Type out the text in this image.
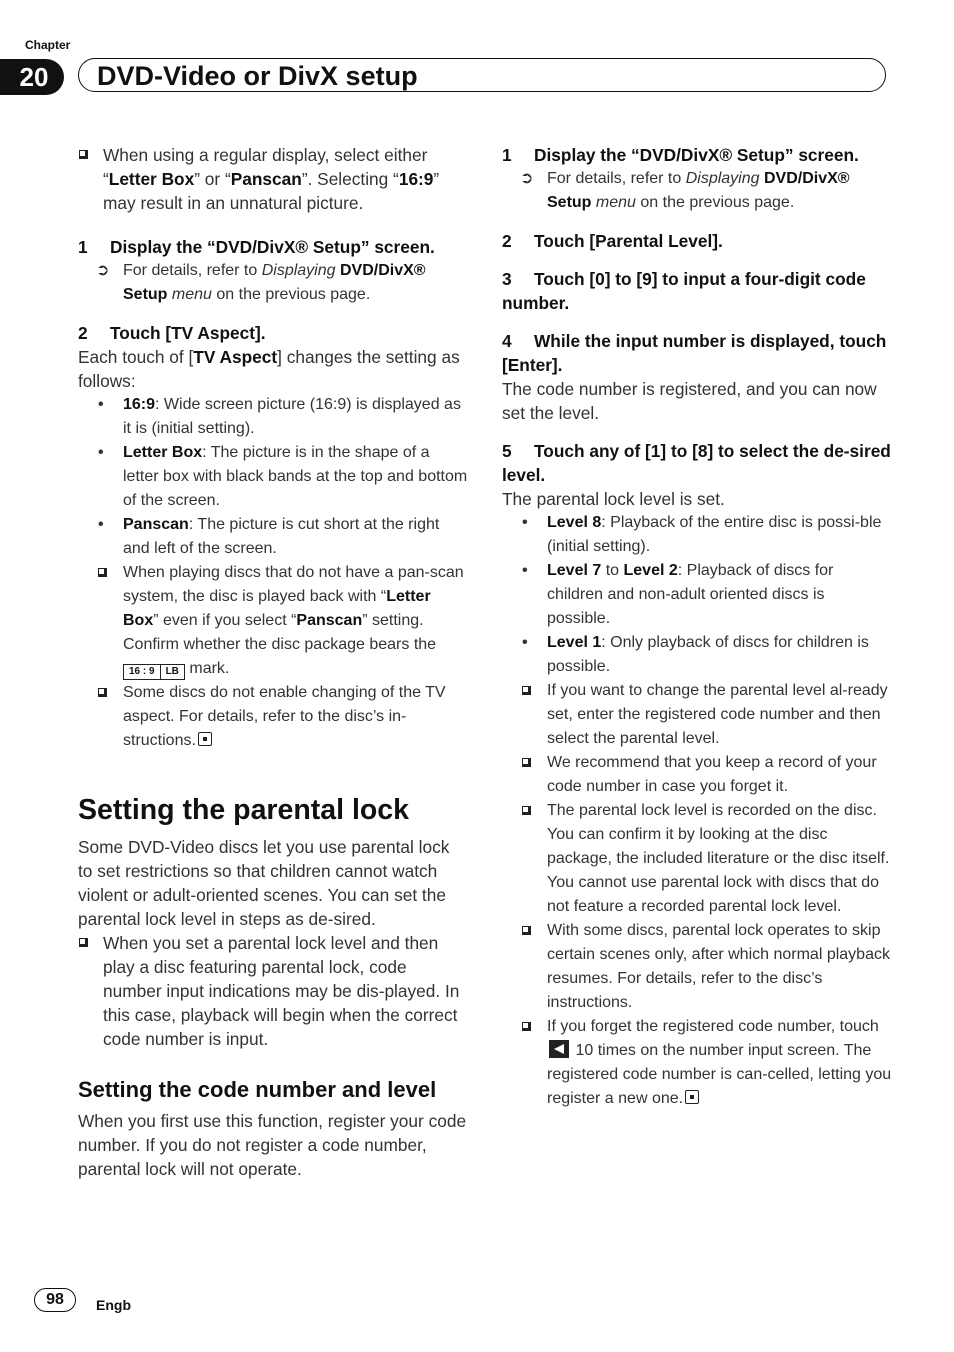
Chapter
20	DVD-Video or DivX setup

When using a regular display, select either “Letter Box” or “Panscan”. Selecting “16:9” may result in an unnatural picture.

1 Display the “DVD/DivX® Setup” screen.

➲ For details, refer to Displaying DVD/DivX® Setup menu on the previous page.

2 Touch [TV Aspect].

Each touch of [TV Aspect] changes the setting as follows:

• 16:9: Wide screen picture (16:9) is displayed as it is (initial setting).

• Letter Box: The picture is in the shape of a letter box with black bands at the top and bottom of the screen.

• Panscan: The picture is cut short at the right and left of the screen.

When playing discs that do not have a pan-scan system, the disc is played back with “Letter Box” even if you select “Panscan” setting. Confirm whether the disc package bears the
16 : 9	LB mark.

Some discs do not enable changing of the TV aspect. For details, refer to the disc’s in-structions.

Setting the parental lock

Some DVD-Video discs let you use parental lock to set restrictions so that children cannot watch violent or adult-oriented scenes. You can set the parental lock level in steps as de-sired.

When you set a parental lock level and then play a disc featuring parental lock, code number input indications may be dis-played. In this case, playback will begin when the correct code number is input.

Setting the code number and level

When you first use this function, register your code number. If you do not register a code number, parental lock will not operate.

1 Display the “DVD/DivX® Setup” screen.

➲ For details, refer to Displaying DVD/DivX® Setup menu on the previous page.

2 Touch [Parental Level].

3 Touch [0] to [9] to input a four-digit code number.

4 While the input number is displayed, touch [Enter].

The code number is registered, and you can now set the level.

5 Touch any of [1] to [8] to select the de-sired level.

The parental lock level is set.

• Level 8: Playback of the entire disc is possi-ble (initial setting).

• Level 7 to Level 2: Playback of discs for children and non-adult oriented discs is possible.

• Level 1: Only playback of discs for children is possible.

If you want to change the parental level al-ready set, enter the registered code number and then select the parental level.

We recommend that you keep a record of your code number in case you forget it.

The parental lock level is recorded on the disc. You can confirm it by looking at the disc package, the included literature or the disc itself. You cannot use parental lock with discs that do not feature a recorded parental lock level.

With some discs, parental lock operates to skip certain scenes only, after which normal playback resumes. For details, refer to the disc’s instructions.

If you forget the registered code number, touch  10 times on the number input screen. The registered code number is can-celled, letting you register a new one.

98	Engb
